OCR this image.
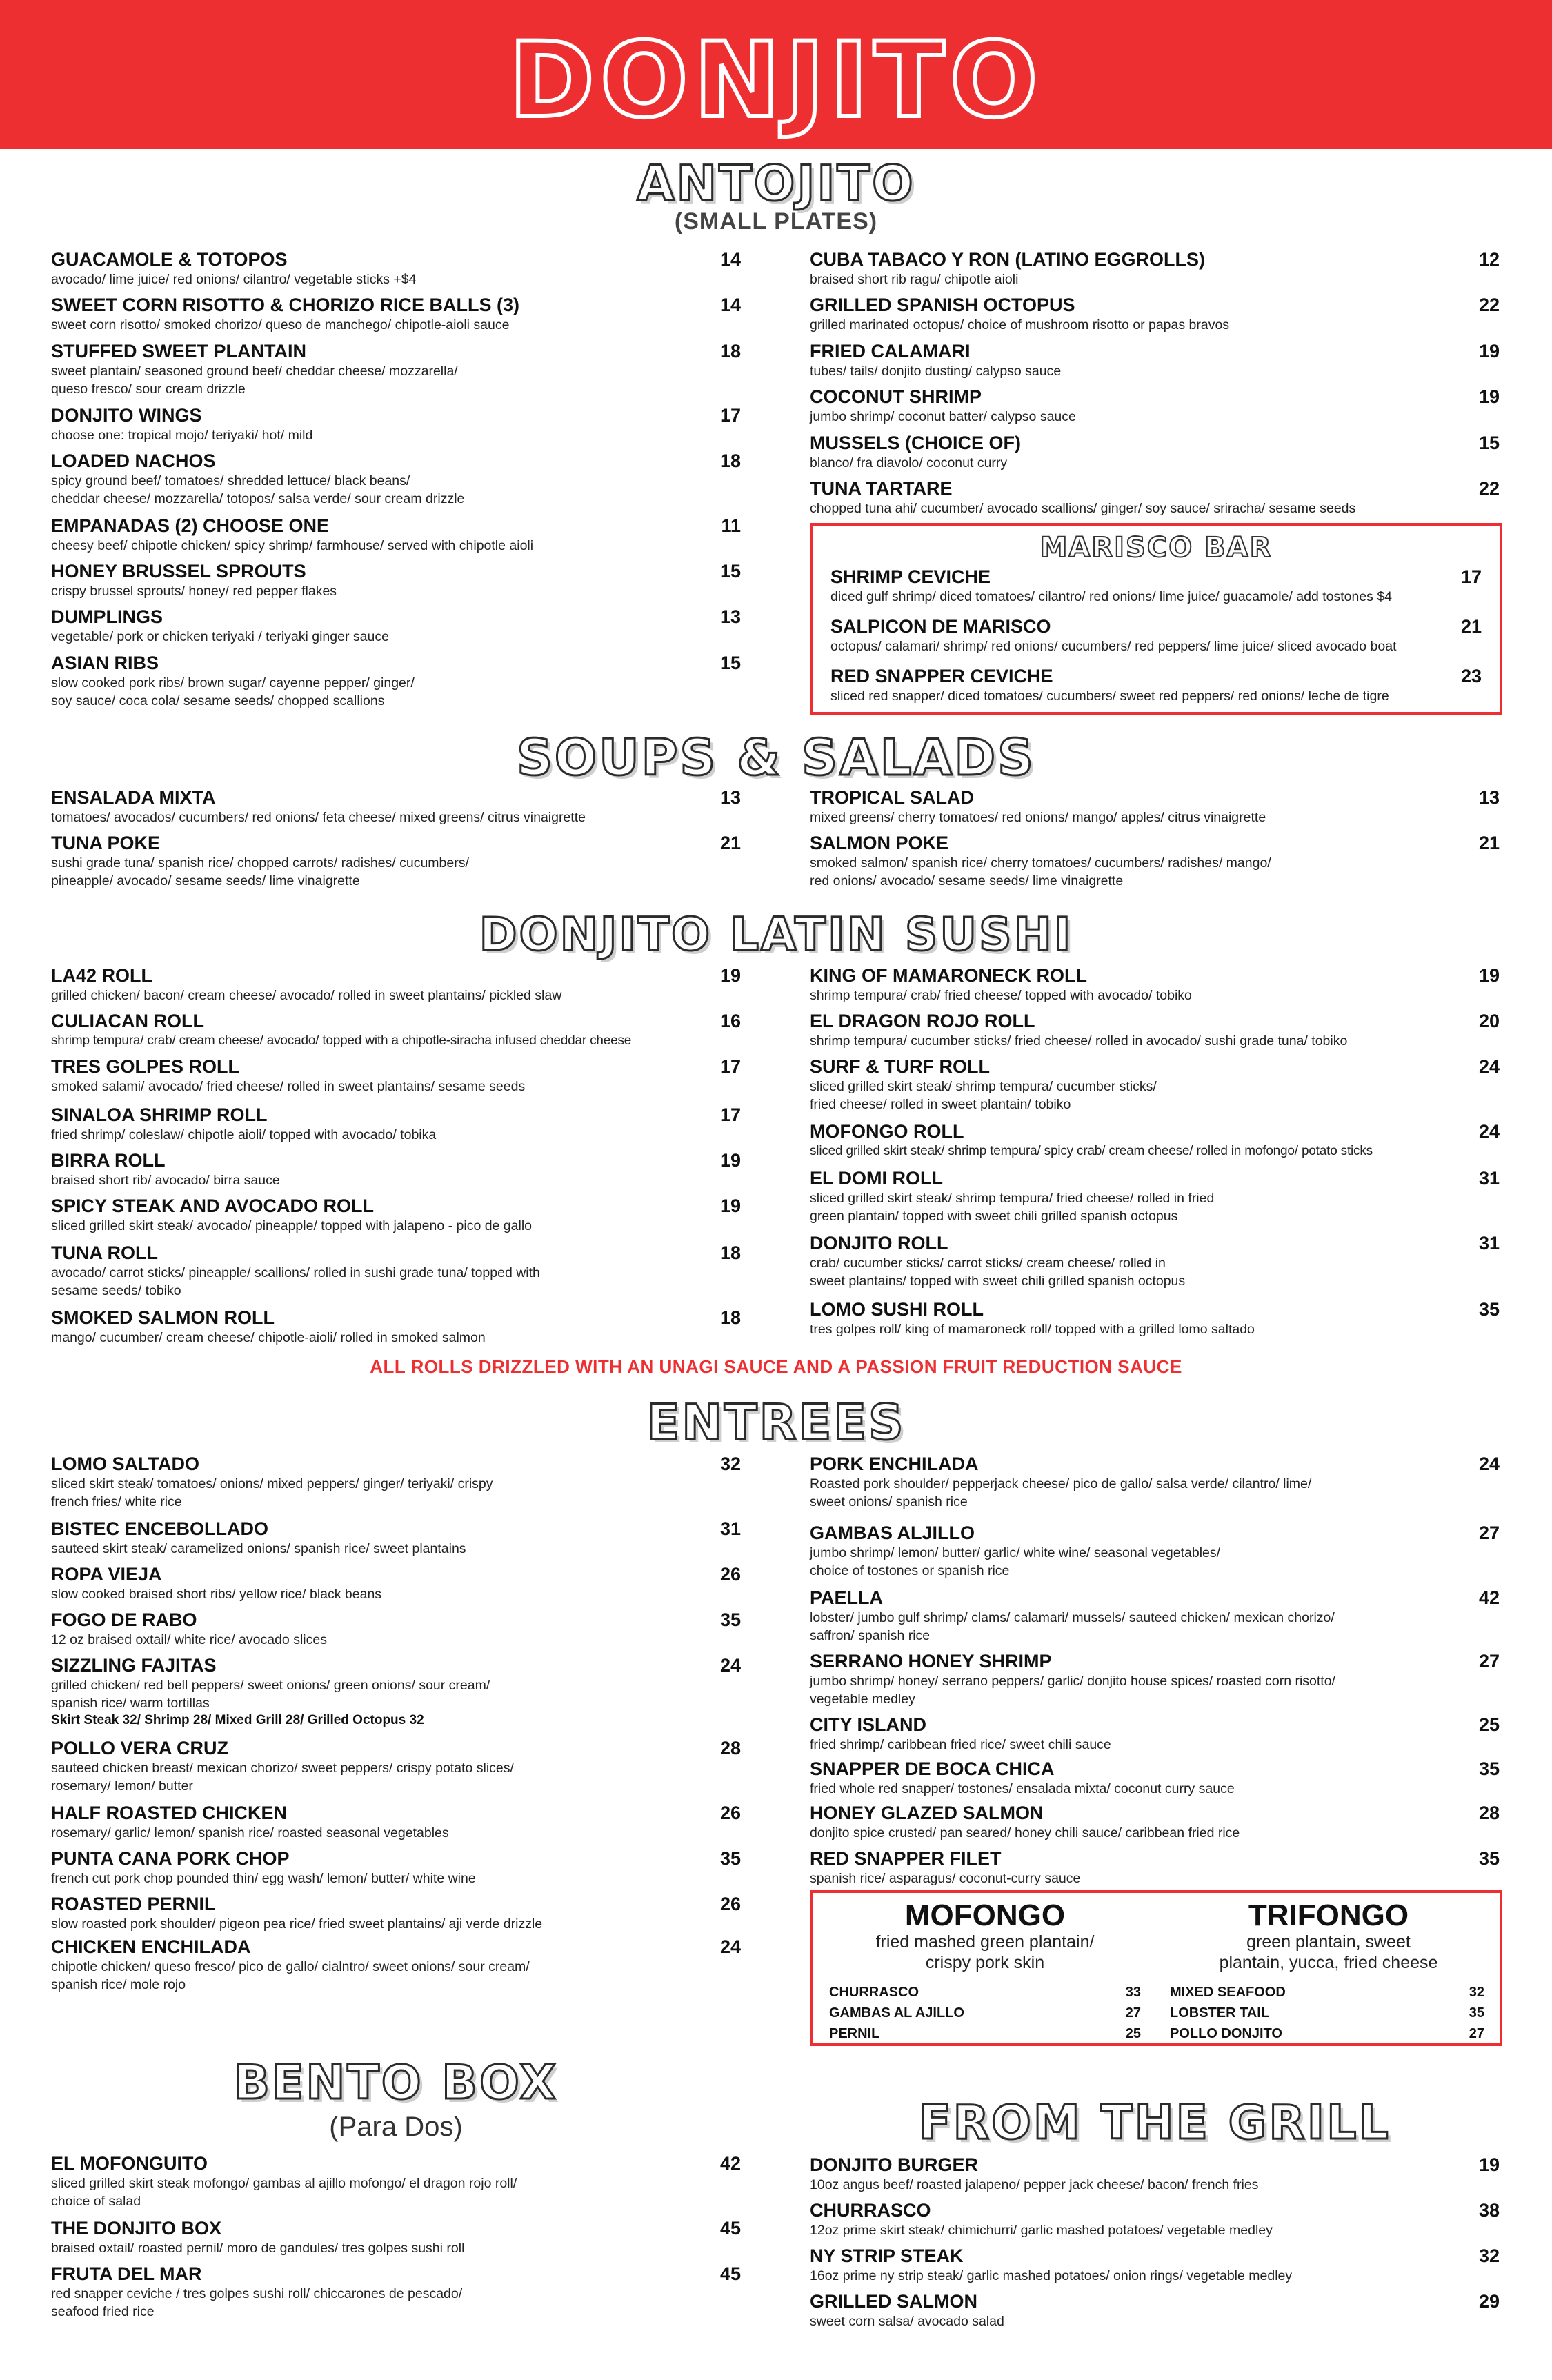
DONJITO
ANTOJITO
(SMALL PLATES)
GUACAMOLE & TOTOPOS	14
avocado/ lime juice/ red onions/ cilantro/ vegetable sticks +$4
SWEET CORN RISOTTO & CHORIZO RICE BALLS (3)	14
sweet corn risotto/ smoked chorizo/ queso de manchego/ chipotle-aioli sauce
STUFFED SWEET PLANTAIN	18
sweet plantain/ seasoned ground beef/ cheddar cheese/ mozzarella/
queso fresco/ sour cream drizzle
DONJITO WINGS	17
choose one: tropical mojo/ teriyaki/ hot/ mild
LOADED NACHOS	18
spicy ground beef/ tomatoes/ shredded lettuce/ black beans/
cheddar cheese/ mozzarella/ totopos/ salsa verde/ sour cream drizzle
EMPANADAS (2) CHOOSE ONE	11
cheesy beef/ chipotle chicken/ spicy shrimp/ farmhouse/ served with chipotle aioli
HONEY BRUSSEL SPROUTS	15
crispy brussel sprouts/ honey/ red pepper flakes
DUMPLINGS	13
vegetable/ pork or chicken teriyaki / teriyaki ginger sauce
ASIAN RIBS	15
slow cooked pork ribs/ brown sugar/ cayenne pepper/ ginger/
soy sauce/ coca cola/ sesame seeds/ chopped scallions
CUBA TABACO Y RON (LATINO EGGROLLS)	12
braised short rib ragu/ chipotle aioli
GRILLED SPANISH OCTOPUS	22
grilled marinated octopus/ choice of mushroom risotto or papas bravos
FRIED CALAMARI	19
tubes/ tails/ donjito dusting/ calypso sauce
COCONUT SHRIMP	19
jumbo shrimp/ coconut batter/ calypso sauce
MUSSELS (CHOICE OF)	15
blanco/ fra diavolo/ coconut curry
TUNA TARTARE	22
chopped tuna ahi/ cucumber/ avocado scallions/ ginger/ soy sauce/ sriracha/ sesame seeds
MARISCO BAR
SHRIMP CEVICHE	17
diced gulf shrimp/ diced tomatoes/ cilantro/ red onions/ lime juice/ guacamole/ add tostones $4
SALPICON DE MARISCO	21
octopus/ calamari/ shrimp/ red onions/ cucumbers/ red peppers/ lime juice/ sliced avocado boat
RED SNAPPER CEVICHE	23
sliced red snapper/ diced tomatoes/ cucumbers/ sweet red peppers/ red onions/ leche de tigre
SOUPS & SALADS
ENSALADA MIXTA	13
tomatoes/ avocados/ cucumbers/ red onions/ feta cheese/ mixed greens/ citrus vinaigrette
TUNA POKE	21
sushi grade tuna/ spanish rice/ chopped carrots/ radishes/ cucumbers/
pineapple/ avocado/ sesame seeds/ lime vinaigrette
TROPICAL SALAD	13
mixed greens/ cherry tomatoes/ red onions/ mango/ apples/ citrus vinaigrette
SALMON POKE	21
smoked salmon/ spanish rice/ cherry tomatoes/ cucumbers/ radishes/ mango/
red onions/ avocado/ sesame seeds/ lime vinaigrette
DONJITO LATIN SUSHI
LA42 ROLL	19
grilled chicken/ bacon/ cream cheese/ avocado/ rolled in sweet plantains/ pickled slaw
CULIACAN ROLL	16
shrimp tempura/ crab/ cream cheese/ avocado/ topped with a chipotle-siracha infused cheddar cheese
TRES GOLPES ROLL	17
smoked salami/ avocado/ fried cheese/ rolled in sweet plantains/ sesame seeds
SINALOA SHRIMP ROLL	17
fried shrimp/ coleslaw/ chipotle aioli/ topped with avocado/ tobika
BIRRA ROLL	19
braised short rib/ avocado/ birra sauce
SPICY STEAK AND AVOCADO ROLL	19
sliced grilled skirt steak/ avocado/ pineapple/ topped with jalapeno - pico de gallo
TUNA ROLL	18
avocado/ carrot sticks/ pineapple/ scallions/ rolled in sushi grade tuna/ topped with
sesame seeds/ tobiko
SMOKED SALMON ROLL	18
mango/ cucumber/ cream cheese/ chipotle-aioli/ rolled in smoked salmon
KING OF MAMARONECK ROLL	19
shrimp tempura/ crab/ fried cheese/ topped with avocado/ tobiko
EL DRAGON ROJO ROLL	20
shrimp tempura/ cucumber sticks/ fried cheese/ rolled in avocado/ sushi grade tuna/ tobiko
SURF & TURF ROLL	24
sliced grilled skirt steak/ shrimp tempura/ cucumber sticks/
fried cheese/ rolled in sweet plantain/ tobiko
MOFONGO ROLL	24
sliced grilled skirt steak/ shrimp tempura/ spicy crab/ cream cheese/ rolled in mofongo/ potato sticks
EL DOMI ROLL	31
sliced grilled skirt steak/ shrimp tempura/ fried cheese/ rolled in fried
green plantain/ topped with sweet chili grilled spanish octopus
DONJITO ROLL	31
crab/ cucumber sticks/ carrot sticks/ cream cheese/ rolled in
sweet plantains/ topped with sweet chili grilled spanish octopus
LOMO SUSHI ROLL	35
tres golpes roll/ king of mamaroneck roll/ topped with a grilled lomo saltado
ALL ROLLS DRIZZLED WITH AN UNAGI SAUCE AND A PASSION FRUIT REDUCTION SAUCE
ENTREES
LOMO SALTADO	32
sliced skirt steak/ tomatoes/ onions/ mixed peppers/ ginger/ teriyaki/ crispy
french fries/ white rice
BISTEC ENCEBOLLADO	31
sauteed skirt steak/ caramelized onions/ spanish rice/ sweet plantains
ROPA VIEJA	26
slow cooked braised short ribs/ yellow rice/ black beans
FOGO DE RABO	35
12 oz braised oxtail/ white rice/ avocado slices
SIZZLING FAJITAS	24
grilled chicken/ red bell peppers/ sweet onions/ green onions/ sour cream/
spanish rice/ warm tortillas
Skirt Steak 32/ Shrimp 28/ Mixed Grill 28/ Grilled Octopus 32
POLLO VERA CRUZ	28
sauteed chicken breast/ mexican chorizo/ sweet peppers/ crispy potato slices/
rosemary/ lemon/ butter
HALF ROASTED CHICKEN	26
rosemary/ garlic/ lemon/ spanish rice/ roasted seasonal vegetables
PUNTA CANA PORK CHOP	35
french cut pork chop pounded thin/ egg wash/ lemon/ butter/ white wine
ROASTED PERNIL	26
slow roasted pork shoulder/ pigeon pea rice/ fried sweet plantains/ aji verde drizzle
CHICKEN ENCHILADA	24
chipotle chicken/ queso fresco/ pico de gallo/ cialntro/ sweet onions/ sour cream/
spanish rice/ mole rojo
PORK ENCHILADA	24
Roasted pork shoulder/ pepperjack cheese/ pico de gallo/ salsa verde/ cilantro/ lime/
sweet onions/ spanish rice
GAMBAS ALJILLO	27
jumbo shrimp/ lemon/ butter/ garlic/ white wine/ seasonal vegetables/
choice of tostones or spanish rice
PAELLA	42
lobster/ jumbo gulf shrimp/ clams/ calamari/ mussels/ sauteed chicken/ mexican chorizo/
saffron/ spanish rice
SERRANO HONEY SHRIMP	27
jumbo shrimp/ honey/ serrano peppers/ garlic/ donjito house spices/ roasted corn risotto/
vegetable medley
CITY ISLAND	25
fried shrimp/ caribbean fried rice/ sweet chili sauce
SNAPPER DE BOCA CHICA	35
fried whole red snapper/ tostones/ ensalada mixta/ coconut curry sauce
HONEY GLAZED SALMON	28
donjito spice crusted/ pan seared/ honey chili sauce/ caribbean fried rice
RED SNAPPER FILET	35
spanish rice/ asparagus/ coconut-curry sauce
MOFONGO
fried mashed green plantain/
crispy pork skin
CHURRASCO	33
GAMBAS AL AJILLO	27
PERNIL	25
TRIFONGO
green plantain, sweet
plantain, yucca, fried cheese
MIXED SEAFOOD	32
LOBSTER TAIL	35
POLLO DONJITO	27
BENTO BOX
(Para Dos)
EL MOFONGUITO	42
sliced grilled skirt steak mofongo/ gambas al ajillo mofongo/ el dragon rojo roll/
choice of salad
THE DONJITO BOX	45
braised oxtail/ roasted pernil/ moro de gandules/ tres golpes sushi roll
FRUTA DEL MAR	45
red snapper ceviche / tres golpes sushi roll/ chiccarones de pescado/
seafood fried rice
FROM THE GRILL
DONJITO BURGER	19
10oz angus beef/ roasted jalapeno/ pepper jack cheese/ bacon/ french fries
CHURRASCO	38
12oz prime skirt steak/ chimichurri/ garlic mashed potatoes/ vegetable medley
NY STRIP STEAK	32
16oz prime ny strip steak/ garlic mashed potatoes/ onion rings/ vegetable medley
GRILLED SALMON	29
sweet corn salsa/ avocado salad
